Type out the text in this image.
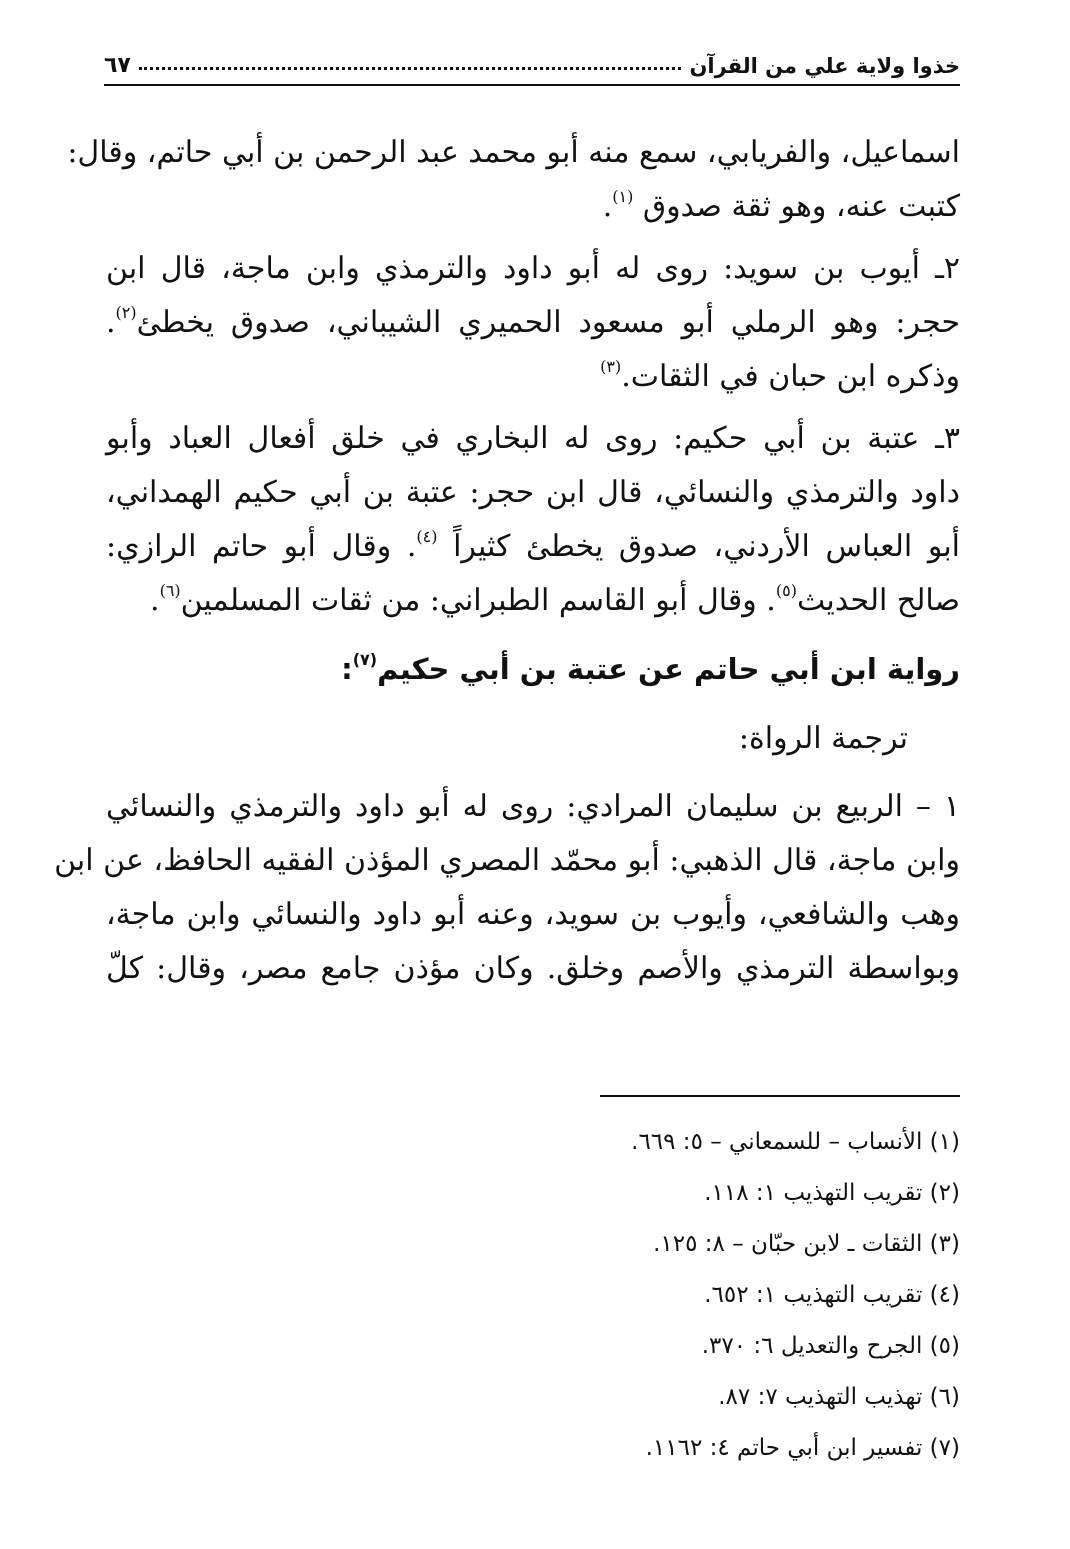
خذوا ولاية علي من القرآن
٦٧
اسماعيل، والفريابي، سمع منه أبو محمد عبد الرحمن بن أبي حاتم، وقال:
كتبت عنه، وهو ثقة صدوق $^{(١)}$.
٢ـ أيوب بن سويد: روى له أبو داود والترمذي وابن ماجة، قال ابن
حجر: وهو الرملي أبو مسعود الحميري الشيباني، صدوق يخطئ$^{(٢)}$.
وذكره ابن حبان في الثقات.$^{(٣)}$
٣ـ عتبة بن أبي حكيم: روى له البخاري في خلق أفعال العباد وأبو
داود والترمذي والنسائي، قال ابن حجر: عتبة بن أبي حكيم الهمداني،
أبو العباس الأردني، صدوق يخطئ كثيراً $^{(٤)}$. وقال أبو حاتم الرازي:
صالح الحديث$^{(٥)}$. وقال أبو القاسم الطبراني: من ثقات المسلمين$^{(٦)}$.
رواية ابن أبي حاتم عن عتبة بن أبي حكيم$^{(٧)}$:
ترجمة الرواة:
١ – الربيع بن سليمان المرادي: روى له أبو داود والترمذي والنسائي
وابن ماجة، قال الذهبي: أبو محمّد المصري المؤذن الفقيه الحافظ، عن ابن
وهب والشافعي، وأيوب بن سويد، وعنه أبو داود والنسائي وابن ماجة،
وبواسطة الترمذي والأصم وخلق. وكان مؤذن جامع مصر، وقال: كلّ
(١) الأنساب – للسمعاني – ٥: ٦٦٩.
(٢) تقريب التهذيب ١: ١١٨.
(٣) الثقات ـ لابن حبّان – ٨: ١٢٥.
(٤) تقريب التهذيب ١: ٦٥٢.
(٥) الجرح والتعديل ٦: ٣٧٠.
(٦) تهذيب التهذيب ٧: ٨٧.
(٧) تفسير ابن أبي حاتم ٤: ١١٦٢.
